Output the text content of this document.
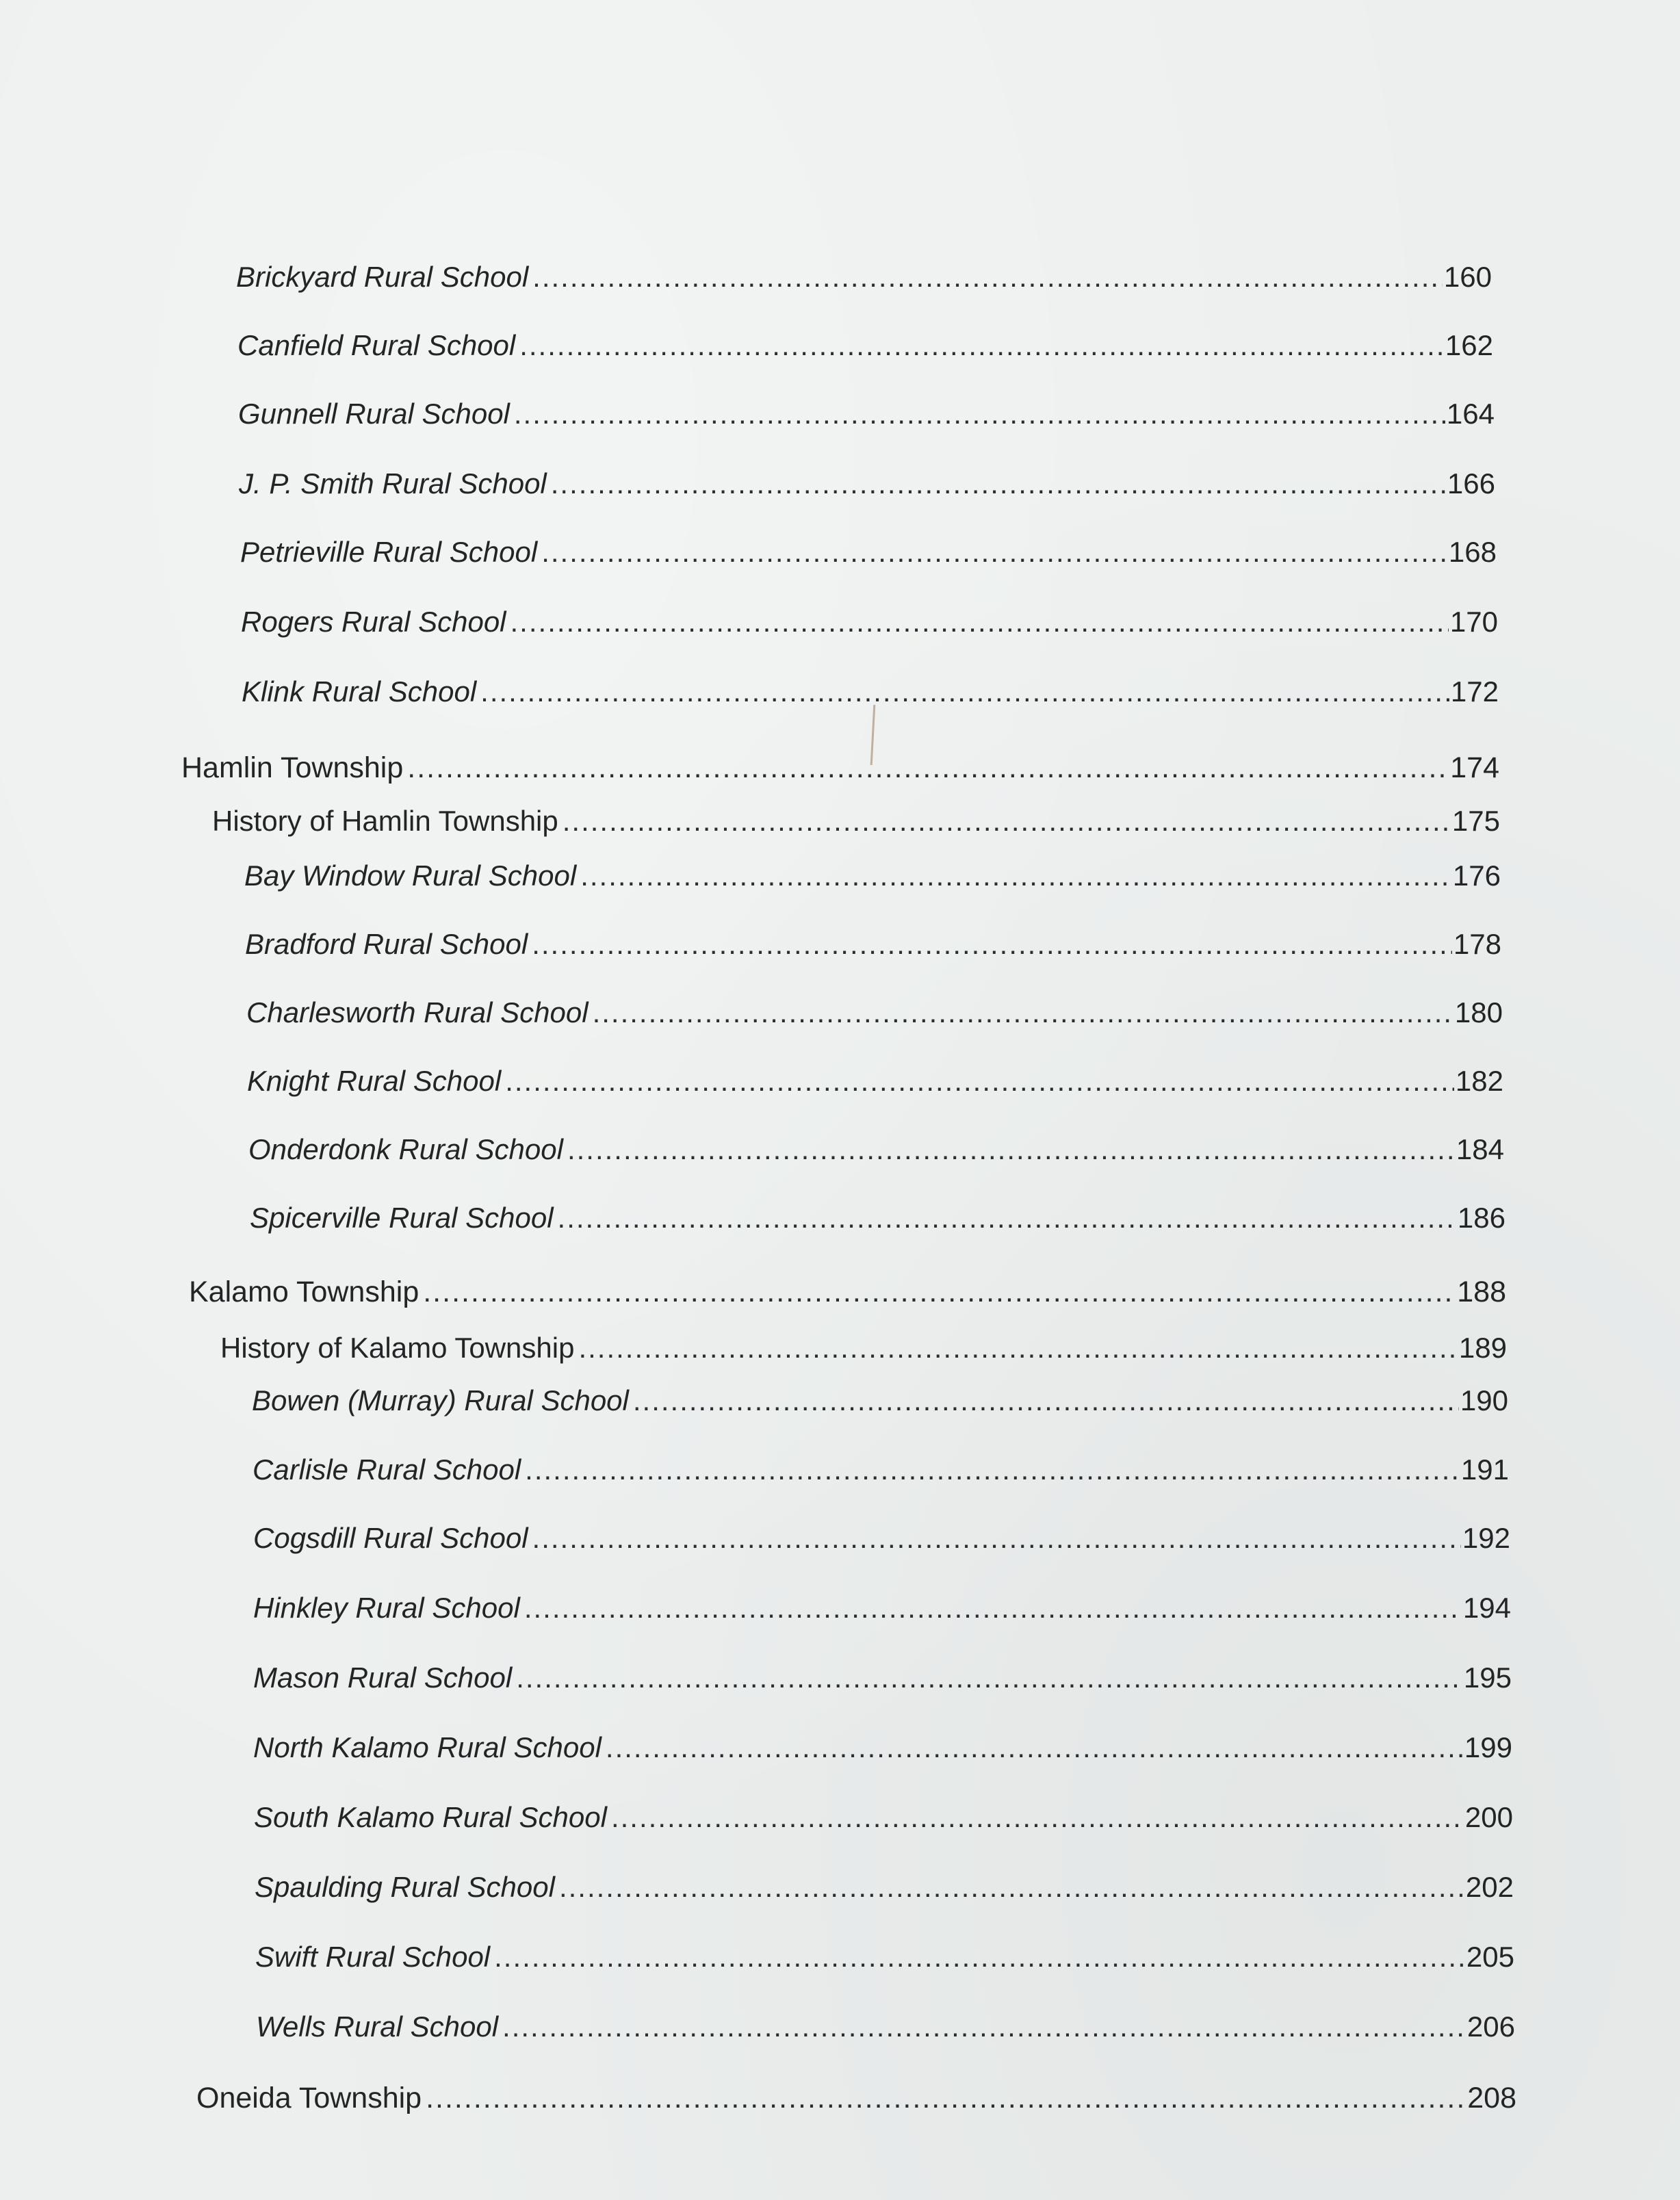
Brickyard Rural School .....	160
Canfield Rural School .....	162
Gunnell Rural School .....	164
J. P. Smith Rural School .....	166
Petrieville Rural School .....	168
Rogers Rural School .....	170
Klink Rural School .....	172
Hamlin Township .....	174
History of Hamlin Township .....	175
Bay Window Rural School .....	176
Bradford Rural School .....	178
Charlesworth Rural School .....	180
Knight Rural School .....	182
Onderdonk Rural School .....	184
Spicerville Rural School .....	186
Kalamo Township .....	188
History of Kalamo Township .....	189
Bowen (Murray) Rural School .....	190
Carlisle Rural School .....	191
Cogsdill Rural School .....	192
Hinkley Rural School .....	194
Mason Rural School .....	195
North Kalamo Rural School .....	199
South Kalamo Rural School .....	200
Spaulding Rural School .....	202
Swift Rural School .....	205
Wells Rural School .....	206
Oneida Township .....	208
